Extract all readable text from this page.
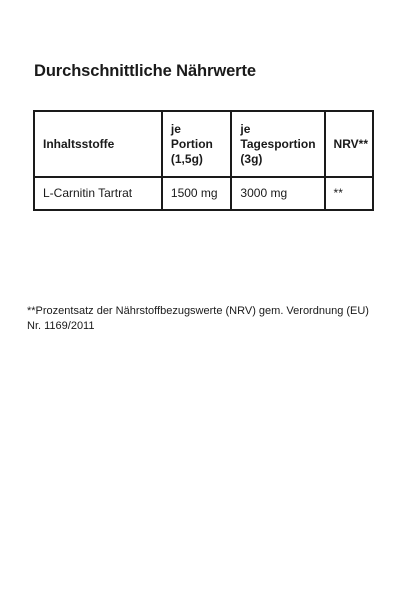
Durchschnittliche Nährwerte
Inhaltsstoffe	je Portion (1,5g)	je Tagesportion (3g)	NRV**
L-Carnitin Tartrat	1500 mg	3000 mg	**

**Prozentsatz der Nährstoffbezugswerte (NRV) gem. Verordnung (EU) Nr. 1169/2011
